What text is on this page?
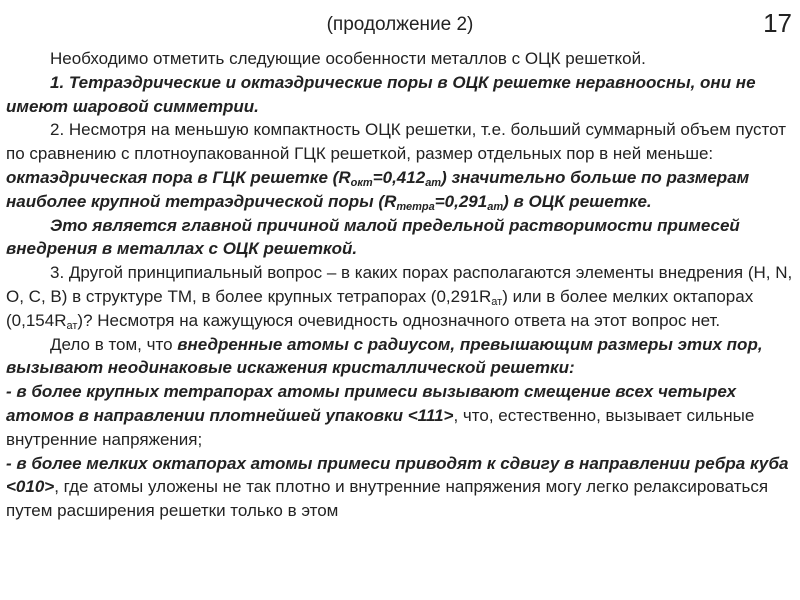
17
(продолжение 2)

Необходимо отметить следующие особенности металлов с ОЦК решеткой.

1. Тетраэдрические и октаэдрические поры в ОЦК решетке неравноосны, они не имеют шаровой симметрии.

2. Несмотря на меньшую компактность ОЦК решетки, т.е. больший суммарный объем пустот по сравнению с плотноупакованной ГЦК решеткой, размер отдельных пор в ней меньше:

октаэдрическая пора в ГЦК решетке $(R_{окт}=0,412_{ат})$ значительно больше по размерам наиболее крупной тетраэдрической поры $(R_{тетра}=0,291_{ат})$ в ОЦК решетке.

Это является главной причиной малой предельной растворимости примесей внедрения в металлах с ОЦК решеткой.

3. Другой принципиальный вопрос – в каких порах располагаются элементы внедрения (H, N, O, C, B) в структуре ТМ, в более крупных тетрапорах $(0,291R_{ат})$ или в более мелких октапорах $(0,154R_{ат})$? Несмотря на кажущуюся очевидность однозначного ответа на этот вопрос нет.

Дело в том, что внедренные атомы с радиусом, превышающим размеры этих пор, вызывают неодинаковые искажения кристаллической решетки:

- в более крупных тетрапорах атомы примеси вызывают смещение всех четырех атомов в направлении плотнейшей упаковки <111>, что, естественно, вызывает сильные внутренние напряжения;

- в более мелких октапорах атомы примеси приводят к сдвигу в направлении ребра куба <010>, где атомы уложены не так плотно и внутренние напряжения могу легко релаксироваться путем расширения решетки только в этом
